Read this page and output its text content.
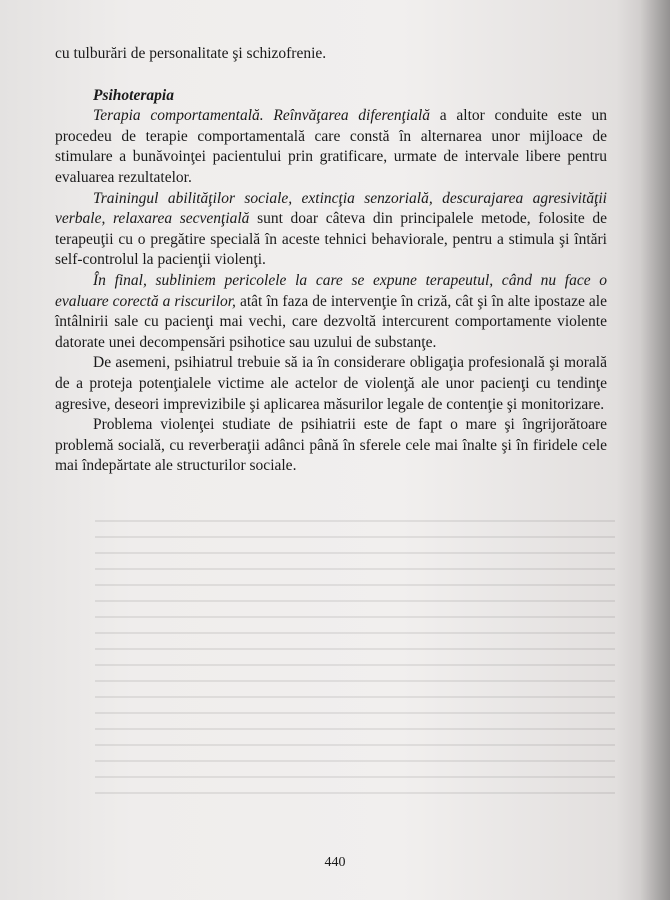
cu tulburări de personalitate şi schizofrenie.

Psihoterapia

Terapia comportamentală. Reînvăţarea diferenţială a altor conduite este un procedeu de terapie comportamentală care constă în alternarea unor mijloace de stimulare a bunăvoinţei pacientului prin gratificare, urmate de intervale libere pentru evaluarea rezultatelor.

Trainingul abilităţilor sociale, extincţia senzorială, descurajarea agresivităţii verbale, relaxarea secvenţială sunt doar câteva din principalele metode, folosite de terapeuţii cu o pregătire specială în aceste tehnici behaviorale, pentru a stimula şi întări self-controlul la pacienţii violenţi.

În final, subliniem pericolele la care se expune terapeutul, când nu face o evaluare corectă a riscurilor, atât în faza de intervenţie în criză, cât şi în alte ipostaze ale întâlnirii sale cu pacienţi mai vechi, care dezvoltă intercurent comportamente violente datorate unei decompensări psihotice sau uzului de substanţe.

De asemeni, psihiatrul trebuie să ia în considerare obligaţia profesională şi morală de a proteja potenţialele victime ale actelor de violenţă ale unor pacienţi cu tendinţe agresive, deseori imprevizibile şi aplicarea măsurilor legale de contenţie şi monitorizare.

Problema violenţei studiate de psihiatrii este de fapt o mare şi îngrijorătoare problemă socială, cu reverberaţii adânci până în sferele cele mai înalte şi în firidele cele mai îndepărtate ale structurilor sociale.

440
